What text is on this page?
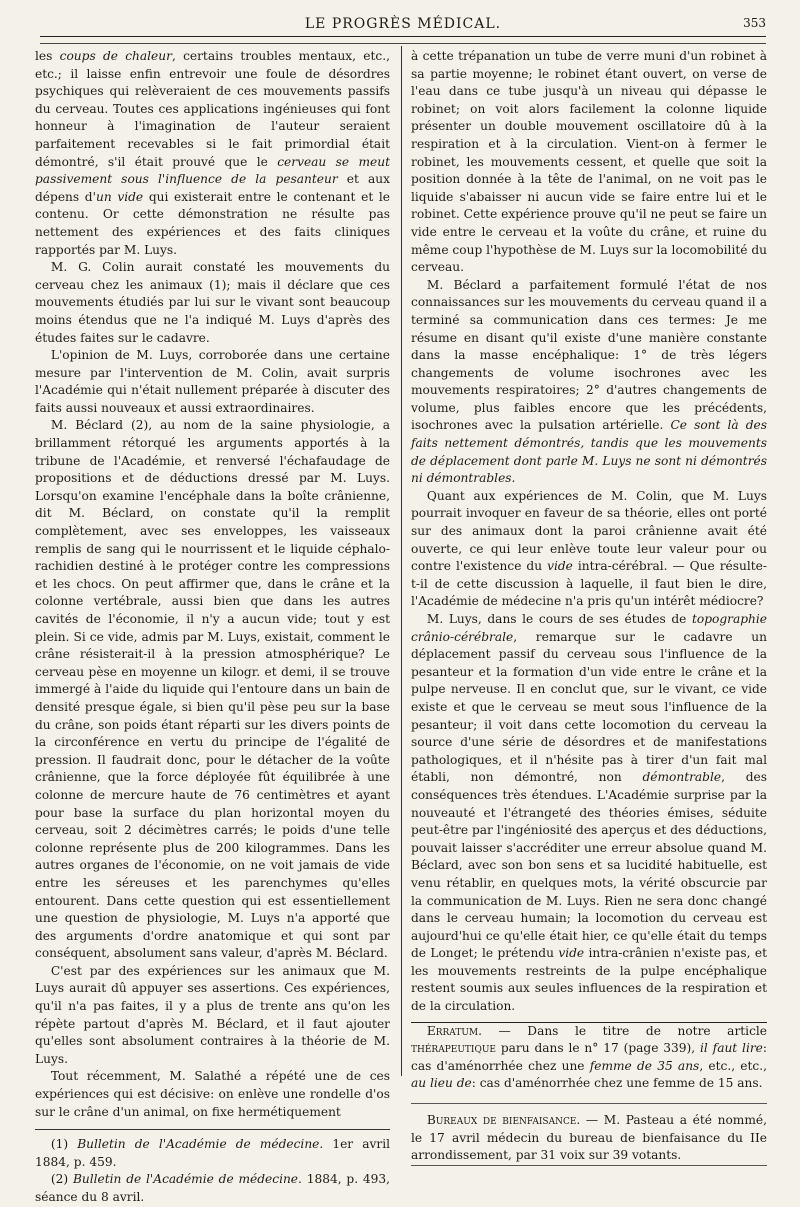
LE PROGRÈS MÉDICAL.	353

les coups de chaleur, certains troubles mentaux, etc., etc.; il laisse enfin entrevoir une foule de désordres psychiques qui relèveraient de ces mouvements passifs du cerveau. Toutes ces applications ingénieuses qui font honneur à l'imagination de l'auteur seraient parfaitement recevables si le fait primordial était démontré, s'il était prouvé que le cerveau se meut passivement sous l'influence de la pesanteur et aux dépens d'un vide qui existerait entre le contenant et le contenu. Or cette démonstration ne résulte pas nettement des expériences et des faits cliniques rapportés par M. Luys.

M. G. Colin aurait constaté les mouvements du cerveau chez les animaux (1); mais il déclare que ces mouvements étudiés par lui sur le vivant sont beaucoup moins étendus que ne l'a indiqué M. Luys d'après des études faites sur le cadavre.

L'opinion de M. Luys, corroborée dans une certaine mesure par l'intervention de M. Colin, avait surpris l'Académie qui n'était nullement préparée à discuter des faits aussi nouveaux et aussi extraordinaires.

M. Béclard (2), au nom de la saine physiologie, a brillamment rétorqué les arguments apportés à la tribune de l'Académie, et renversé l'échafaudage de propositions et de déductions dressé par M. Luys. Lorsqu'on examine l'encéphale dans la boîte crânienne, dit M. Béclard, on constate qu'il la remplit complètement, avec ses enveloppes, les vaisseaux remplis de sang qui le nourrissent et le liquide céphalo-rachidien destiné à le protéger contre les compressions et les chocs. On peut affirmer que, dans le crâne et la colonne vertébrale, aussi bien que dans les autres cavités de l'économie, il n'y a aucun vide; tout y est plein. Si ce vide, admis par M. Luys, existait, comment le crâne résisterait-il à la pression atmosphérique? Le cerveau pèse en moyenne un kilogr. et demi, il se trouve immergé à l'aide du liquide qui l'entoure dans un bain de densité presque égale, si bien qu'il pèse peu sur la base du crâne, son poids étant réparti sur les divers points de la circonférence en vertu du principe de l'égalité de pression. Il faudrait donc, pour le détacher de la voûte crânienne, que la force déployée fût équilibrée à une colonne de mercure haute de 76 centimètres et ayant pour base la surface du plan horizontal moyen du cerveau, soit 2 décimètres carrés; le poids d'une telle colonne représente plus de 200 kilogrammes. Dans les autres organes de l'économie, on ne voit jamais de vide entre les séreuses et les parenchymes qu'elles entourent. Dans cette question qui est essentiellement une question de physiologie, M. Luys n'a apporté que des arguments d'ordre anatomique et qui sont par conséquent, absolument sans valeur, d'après M. Béclard.

C'est par des expériences sur les animaux que M. Luys aurait dû appuyer ses assertions. Ces expériences, qu'il n'a pas faites, il y a plus de trente ans qu'on les répète partout d'après M. Béclard, et il faut ajouter qu'elles sont absolument contraires à la théorie de M. Luys.

Tout récemment, M. Salathé a répété une de ces expériences qui est décisive: on enlève une rondelle d'os sur le crâne d'un animal, on fixe hermétiquement

(1) Bulletin de l'Académie de médecine. 1er avril 1884, p. 459.

(2) Bulletin de l'Académie de médecine. 1884, p. 493, séance du 8 avril.

à cette trépanation un tube de verre muni d'un robinet à sa partie moyenne; le robinet étant ouvert, on verse de l'eau dans ce tube jusqu'à un niveau qui dépasse le robinet; on voit alors facilement la colonne liquide présenter un double mouvement oscillatoire dû à la respiration et à la circulation. Vient-on à fermer le robinet, les mouvements cessent, et quelle que soit la position donnée à la tête de l'animal, on ne voit pas le liquide s'abaisser ni aucun vide se faire entre lui et le robinet. Cette expérience prouve qu'il ne peut se faire un vide entre le cerveau et la voûte du crâne, et ruine du même coup l'hypothèse de M. Luys sur la locomobilité du cerveau.

M. Béclard a parfaitement formulé l'état de nos connaissances sur les mouvements du cerveau quand il a terminé sa communication dans ces termes: Je me résume en disant qu'il existe d'une manière constante dans la masse encéphalique: 1° de très légers changements de volume isochrones avec les mouvements respiratoires; 2° d'autres changements de volume, plus faibles encore que les précédents, isochrones avec la pulsation artérielle. Ce sont là des faits nettement démontrés, tandis que les mouvements de déplacement dont parle M. Luys ne sont ni démontrés ni démontrables.

Quant aux expériences de M. Colin, que M. Luys pourrait invoquer en faveur de sa théorie, elles ont porté sur des animaux dont la paroi crânienne avait été ouverte, ce qui leur enlève toute leur valeur pour ou contre l'existence du vide intra-cérébral. — Que résulte-t-il de cette discussion à laquelle, il faut bien le dire, l'Académie de médecine n'a pris qu'un intérêt médiocre?

M. Luys, dans le cours de ses études de topographie crânio-cérébrale, remarque sur le cadavre un déplacement passif du cerveau sous l'influence de la pesanteur et la formation d'un vide entre le crâne et la pulpe nerveuse. Il en conclut que, sur le vivant, ce vide existe et que le cerveau se meut sous l'influence de la pesanteur; il voit dans cette locomotion du cerveau la source d'une série de désordres et de manifestations pathologiques, et il n'hésite pas à tirer d'un fait mal établi, non démontré, non démontrable, des conséquences très étendues. L'Académie surprise par la nouveauté et l'étrangeté des théories émises, séduite peut-être par l'ingéniosité des aperçus et des déductions, pouvait laisser s'accréditer une erreur absolue quand M. Béclard, avec son bon sens et sa lucidité habituelle, est venu rétablir, en quelques mots, la vérité obscurcie par la communication de M. Luys. Rien ne sera donc changé dans le cerveau humain; la locomotion du cerveau est aujourd'hui ce qu'elle était hier, ce qu'elle était du temps de Longet; le prétendu vide intra-crânien n'existe pas, et les mouvements restreints de la pulpe encéphalique restent soumis aux seules influences de la respiration et de la circulation.

Erratum. — Dans le titre de notre article thérapeutique paru dans le n° 17 (page 339), il faut lire: cas d'aménorrhée chez une femme de 35 ans, etc., etc., au lieu de: cas d'aménorrhée chez une femme de 15 ans.

Bureaux de bienfaisance. — M. Pasteau a été nommé, le 17 avril médecin du bureau de bienfaisance du IIe arrondissement, par 31 voix sur 39 votants.
